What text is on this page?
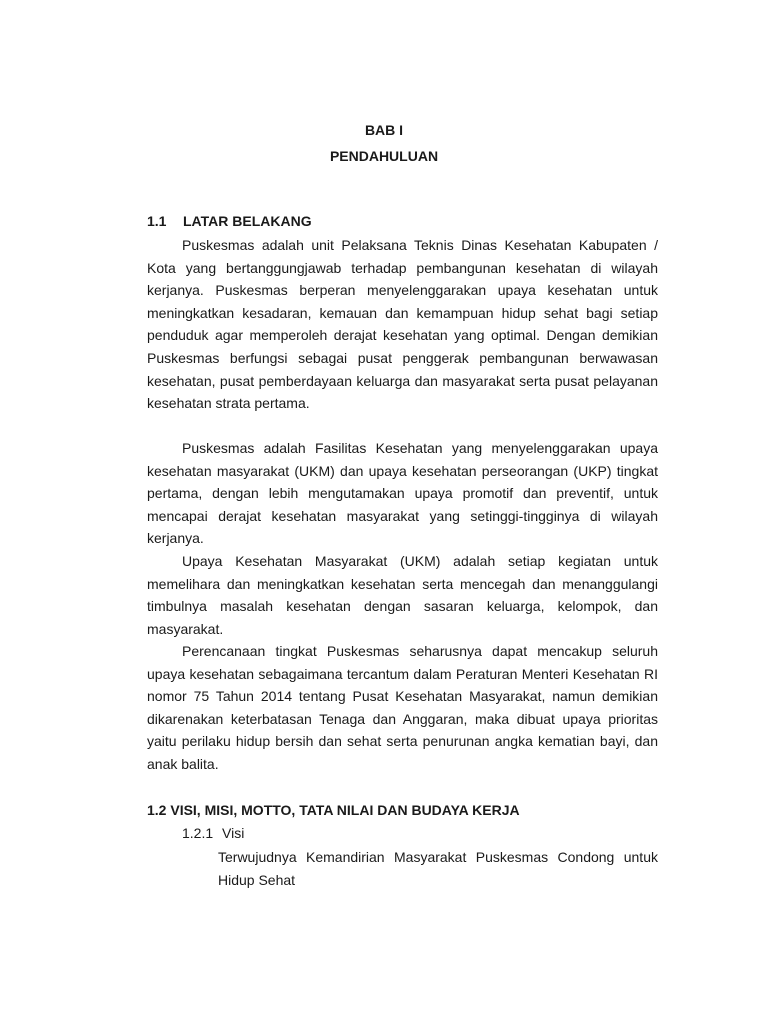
BAB I
PENDAHULUAN
1.1 LATAR BELAKANG

Puskesmas adalah unit Pelaksana Teknis Dinas Kesehatan Kabupaten / Kota yang bertanggungjawab terhadap pembangunan kesehatan di wilayah kerjanya. Puskesmas berperan menyelenggarakan upaya kesehatan untuk meningkatkan kesadaran, kemauan dan kemampuan hidup sehat bagi setiap penduduk agar memperoleh derajat kesehatan yang optimal. Dengan demikian Puskesmas berfungsi sebagai pusat penggerak pembangunan berwawasan kesehatan, pusat pemberdayaan keluarga dan masyarakat serta pusat pelayanan kesehatan strata pertama.

Puskesmas adalah Fasilitas Kesehatan yang menyelenggarakan upaya kesehatan masyarakat (UKM) dan upaya kesehatan perseorangan (UKP) tingkat pertama, dengan lebih mengutamakan upaya promotif dan preventif, untuk mencapai derajat kesehatan masyarakat yang setinggi-tingginya di wilayah kerjanya.

Upaya Kesehatan Masyarakat (UKM) adalah setiap kegiatan untuk memelihara dan meningkatkan kesehatan serta mencegah dan menanggulangi timbulnya masalah kesehatan dengan sasaran keluarga, kelompok, dan masyarakat.

Perencanaan tingkat Puskesmas seharusnya dapat mencakup seluruh upaya kesehatan sebagaimana tercantum dalam Peraturan Menteri Kesehatan RI nomor 75 Tahun 2014 tentang Pusat Kesehatan Masyarakat, namun demikian dikarenakan keterbatasan Tenaga dan Anggaran, maka dibuat upaya prioritas yaitu perilaku hidup bersih dan sehat serta penurunan angka kematian bayi, dan anak balita.

1.2 VISI, MISI, MOTTO, TATA NILAI DAN BUDAYA KERJA
1.2.1 Visi

Terwujudnya Kemandirian Masyarakat Puskesmas Condong untuk Hidup Sehat
